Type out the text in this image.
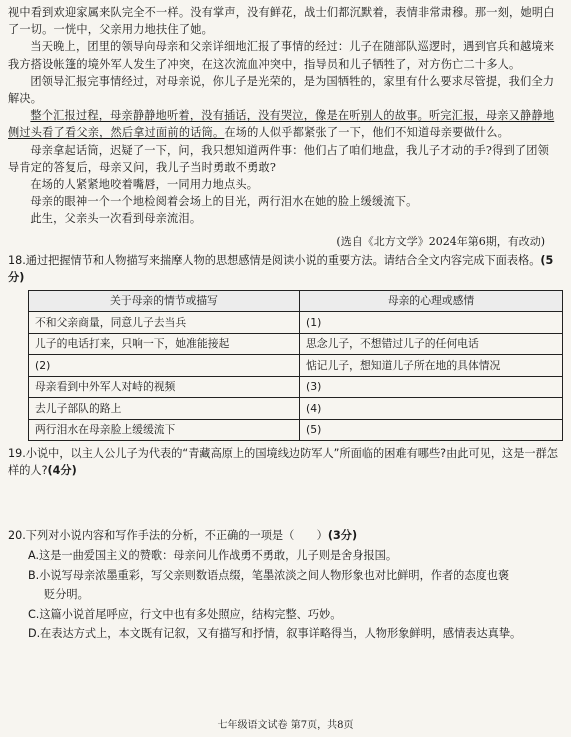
视中看到欢迎家属来队完全不一样。没有掌声，没有鲜花，战士们都沉默着，表情非常肃穆。那一刻，她明白了一切。一恍中，父亲用力地扶住了她。

当天晚上，团里的领导向母亲和父亲详细地汇报了事情的经过：儿子在随部队巡逻时，遇到官兵和越境来我方搭设帐篷的境外军人发生了冲突，在这次流血冲突中，指导员和儿子牺牲了，对方伤亡二十多人。

团领导汇报完事情经过，对母亲说，你儿子是光荣的，是为国牺牲的，家里有什么要求尽管提，我们全力解决。

整个汇报过程，母亲静静地听着，没有插话，没有哭泣，像是在听别人的故事。听完汇报，母亲又静静地侧过头看了看父亲，然后拿过面前的话筒。在场的人似乎都紧张了一下，他们不知道母亲要做什么。

母亲拿起话筒，迟疑了一下，问，我只想知道两件事：他们占了咱们地盘，我儿子才动的手?得到了团领导肯定的答复后，母亲又问，我儿子当时勇敢不勇敢?

在场的人紧紧地咬着嘴唇，一同用力地点头。

母亲的眼神一个一个地检阅着会场上的目光，两行泪水在她的脸上缓缓流下。

此生，父亲头一次看到母亲流泪。

(选自《北方文学》2024年第6期，有改动)

18.通过把握情节和人物描写来揣摩人物的思想感情是阅读小说的重要方法。请结合全文内容完成下面表格。(5分)

关于母亲的情节或描写	母亲的心理或感情
不和父亲商量，同意儿子去当兵	(1)
儿子的电话打来，只响一下，她准能接起	思念儿子，不想错过儿子的任何电话
(2)	惦记儿子，想知道儿子所在地的具体情况
母亲看到中外军人对峙的视频	(3)
去儿子部队的路上	(4)
两行泪水在母亲脸上缓缓流下	(5)

19.小说中，以主人公儿子为代表的“青藏高原上的国境线边防军人”所面临的困难有哪些?由此可见，这是一群怎样的人?(4分)

20.下列对小说内容和写作手法的分析，不正确的一项是（　　）(3分)

A.这是一曲爱国主义的赞歌：母亲问儿作战勇不勇敢，儿子则是舍身报国。
B.小说写母亲浓墨重彩，写父亲则数语点缀，笔墨浓淡之间人物形象也对比鲜明，作者的态度也褒
贬分明。
C.这篇小说首尾呼应，行文中也有多处照应，结构完整、巧妙。
D.在表达方式上，本文既有记叙，又有描写和抒情，叙事详略得当，人物形象鲜明，感情表达真挚。
七年级语文试卷 第7页，共8页
